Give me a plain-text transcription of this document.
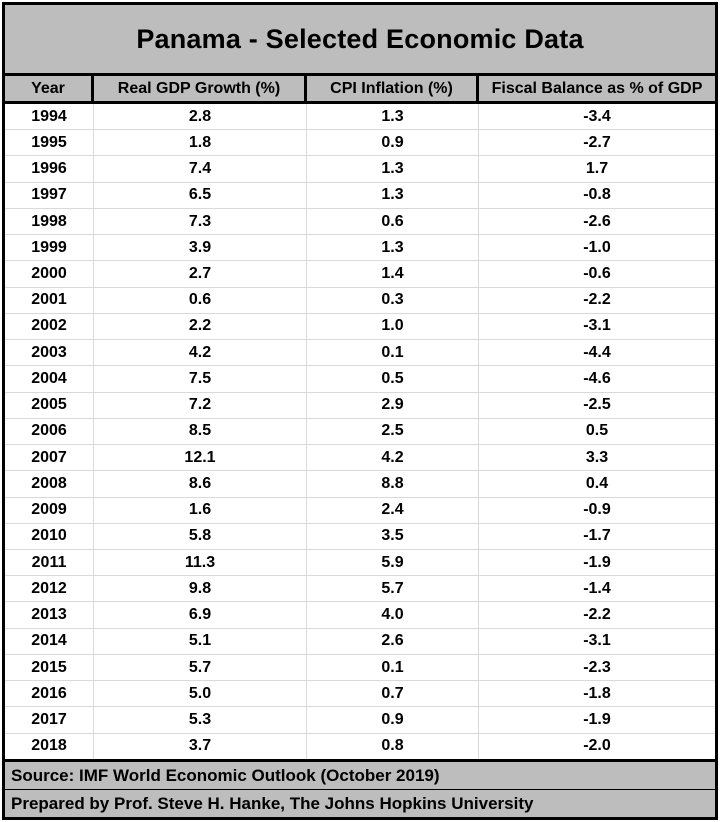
Panama - Selected Economic Data
Year	Real GDP Growth (%)	CPI Inflation (%)	Fiscal Balance as % of GDP
1994	2.8	1.3	-3.4
1995	1.8	0.9	-2.7
1996	7.4	1.3	1.7
1997	6.5	1.3	-0.8
1998	7.3	0.6	-2.6
1999	3.9	1.3	-1.0
2000	2.7	1.4	-0.6
2001	0.6	0.3	-2.2
2002	2.2	1.0	-3.1
2003	4.2	0.1	-4.4
2004	7.5	0.5	-4.6
2005	7.2	2.9	-2.5
2006	8.5	2.5	0.5
2007	12.1	4.2	3.3
2008	8.6	8.8	0.4
2009	1.6	2.4	-0.9
2010	5.8	3.5	-1.7
2011	11.3	5.9	-1.9
2012	9.8	5.7	-1.4
2013	6.9	4.0	-2.2
2014	5.1	2.6	-3.1
2015	5.7	0.1	-2.3
2016	5.0	0.7	-1.8
2017	5.3	0.9	-1.9
2018	3.7	0.8	-2.0
Source: IMF World Economic Outlook (October 2019)
Prepared by Prof. Steve H. Hanke, The Johns Hopkins University
